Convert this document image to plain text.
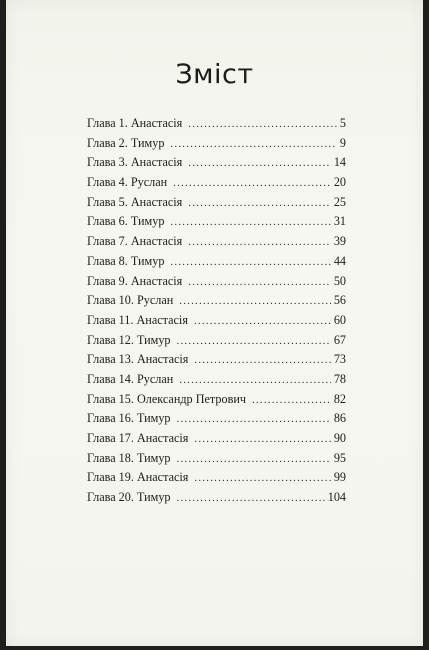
Зміст
Глава 1. Анастасія .....	5
Глава 2. Тимур .....	9
Глава 3. Анастасія .....	14
Глава 4. Руслан .....	20
Глава 5. Анастасія .....	25
Глава 6. Тимур .....	31
Глава 7. Анастасія .....	39
Глава 8. Тимур .....	44
Глава 9. Анастасія .....	50
Глава 10. Руслан .....	56
Глава 11. Анастасія .....	60
Глава 12. Тимур .....	67
Глава 13. Анастасія .....	73
Глава 14. Руслан .....	78
Глава 15. Олександр Петрович .....	82
Глава 16. Тимур .....	86
Глава 17. Анастасія .....	90
Глава 18. Тимур .....	95
Глава 19. Анастасія .....	99
Глава 20. Тимур .....	104
